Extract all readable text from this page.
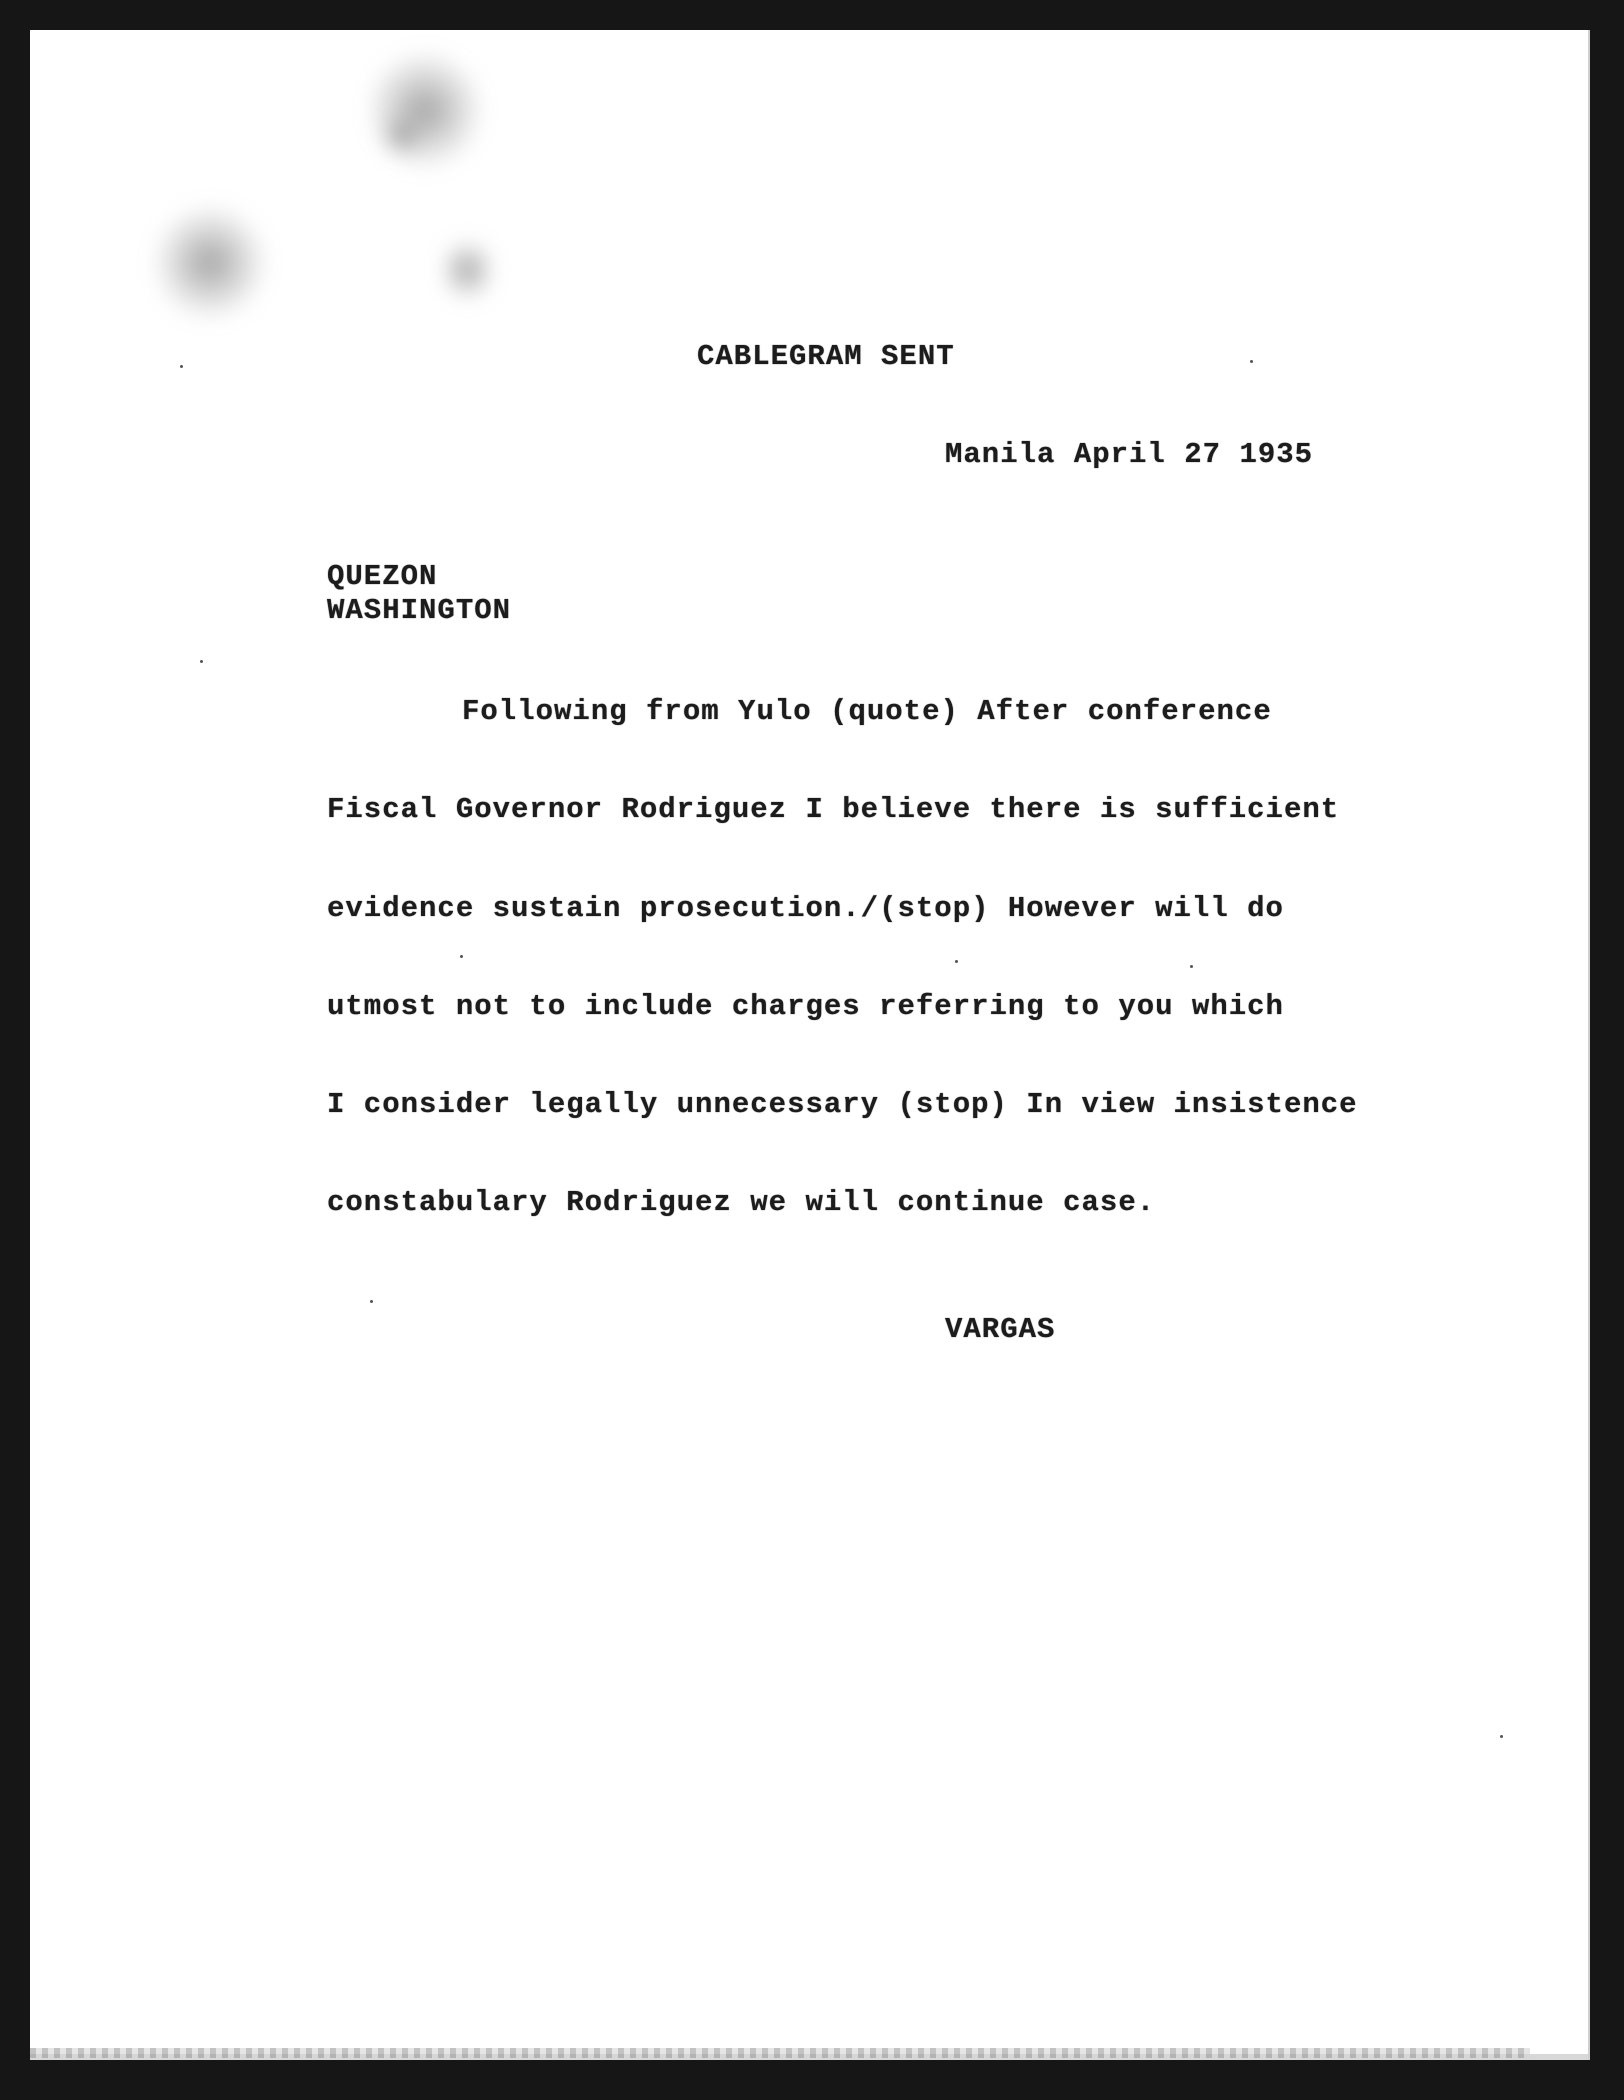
CABLEGRAM SENT
Manila April 27 1935
QUEZON
WASHINGTON
Following from Yulo (quote) After conference
Fiscal Governor Rodriguez I believe there is sufficient
evidence sustain prosecution./(stop) However will do
utmost not to include charges referring to you which
I consider legally unnecessary (stop) In view insistence
constabulary Rodriguez we will continue case.
VARGAS
